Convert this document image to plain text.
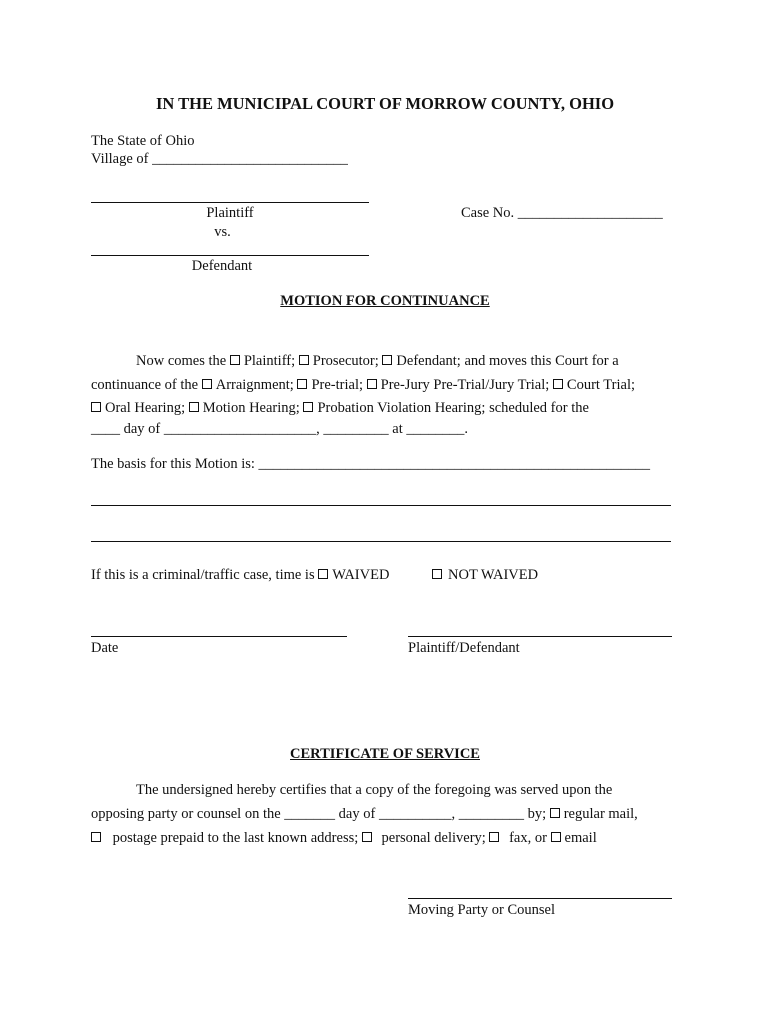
IN THE MUNICIPAL COURT OF MORROW COUNTY, OHIO
The State of Ohio
Village of ___________________________
Plaintiff
vs.
Case No. ____________________
Defendant
MOTION FOR CONTINUANCE
Now comes the Plaintiff; Prosecutor; Defendant; and moves this Court for a
continuance of the Arraignment; Pre-trial; Pre-Jury Pre-Trial/Jury Trial; Court Trial;
Oral Hearing; Motion Hearing; Probation Violation Hearing; scheduled for the
____ day of _____________________, _________ at ________.
The basis for this Motion is: ______________________________________________________
If this is a criminal/traffic case, time is WAIVED	NOT WAIVED
Date	Plaintiff/Defendant
CERTIFICATE OF SERVICE
The undersigned hereby certifies that a copy of the foregoing was served upon the
opposing party or counsel on the _______ day of __________, _________ by; regular mail,
postage prepaid to the last known address; personal delivery; fax, or email
Moving Party or Counsel
